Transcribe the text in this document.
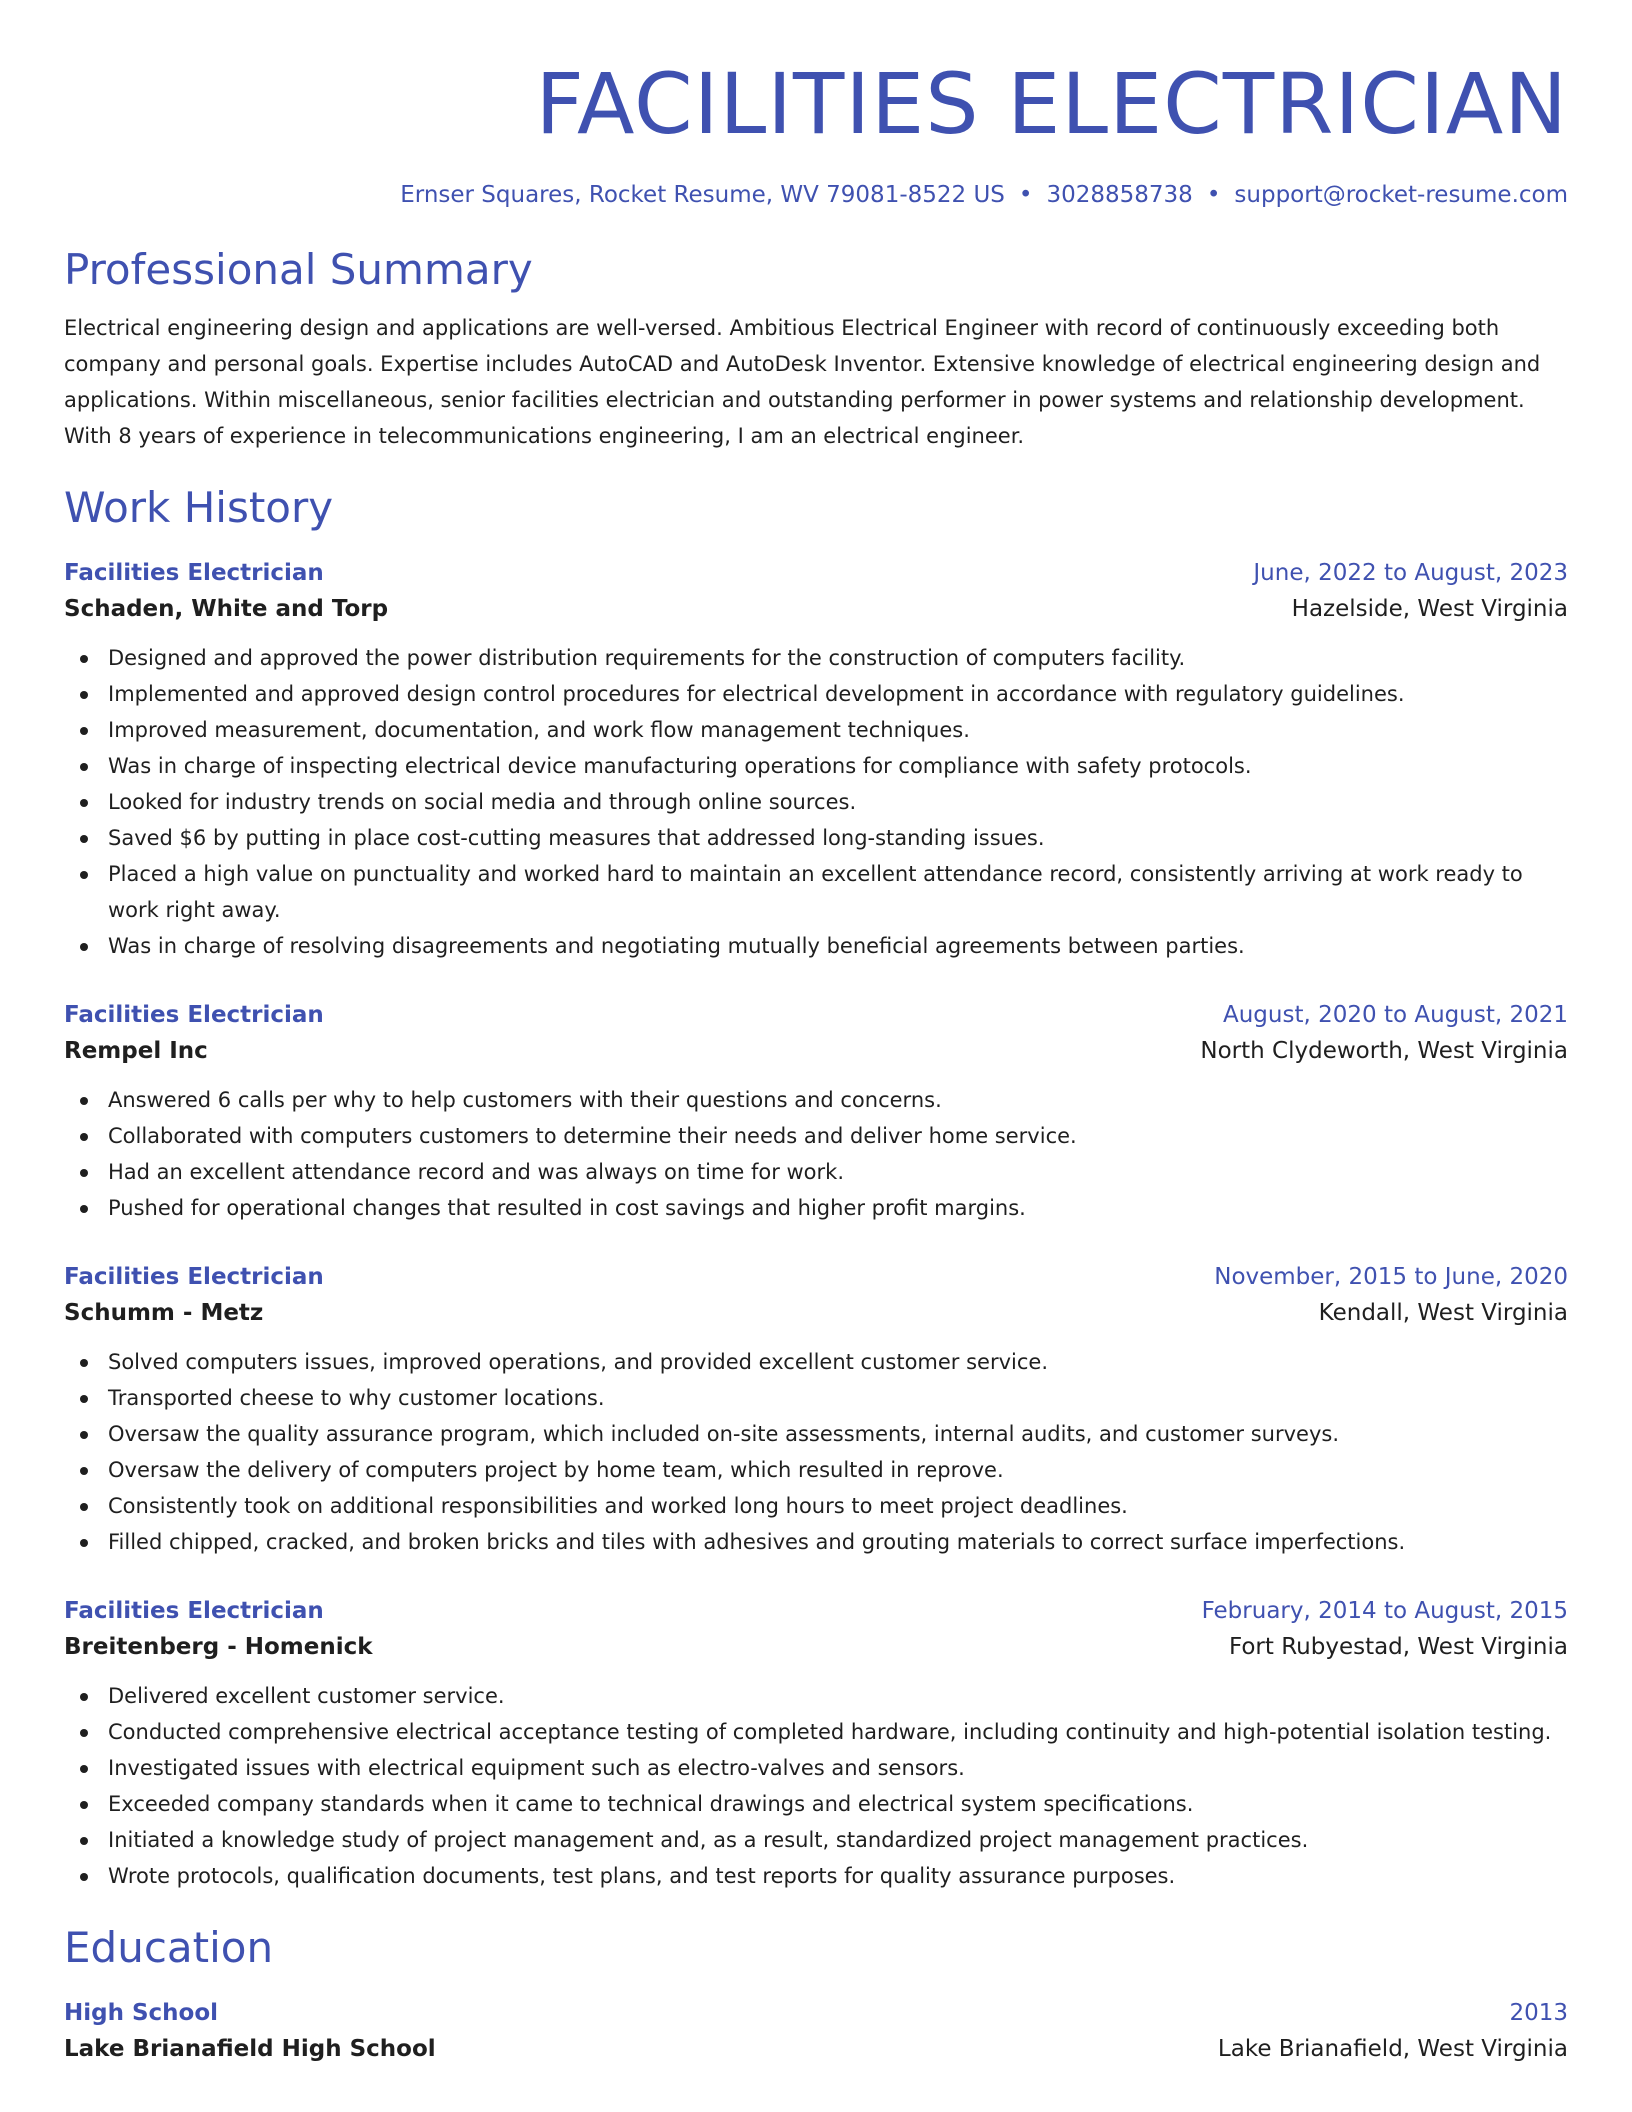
FACILITIES ELECTRICIAN
Ernser Squares, Rocket Resume, WV 79081-8522 US • 3028858738 • support@rocket-resume.com
Professional Summary

Electrical engineering design and applications are well-versed. Ambitious Electrical Engineer with record of continuously exceeding both company and personal goals. Expertise includes AutoCAD and AutoDesk Inventor. Extensive knowledge of electrical engineering design and applications. Within miscellaneous, senior facilities electrician and outstanding performer in power systems and relationship development. With 8 years of experience in telecommunications engineering, I am an electrical engineer.

Work History
Facilities Electrician	June, 2022 to August, 2023
Schaden, White and Torp	Hazelside, West Virginia
Designed and approved the power distribution requirements for the construction of computers facility.
Implemented and approved design control procedures for electrical development in accordance with regulatory guidelines.
Improved measurement, documentation, and work flow management techniques.
Was in charge of inspecting electrical device manufacturing operations for compliance with safety protocols.
Looked for industry trends on social media and through online sources.
Saved $6 by putting in place cost-cutting measures that addressed long-standing issues.
Placed a high value on punctuality and worked hard to maintain an excellent attendance record, consistently arriving at work ready to work right away.
Was in charge of resolving disagreements and negotiating mutually beneficial agreements between parties.
Facilities Electrician	August, 2020 to August, 2021
Rempel Inc	North Clydeworth, West Virginia
Answered 6 calls per why to help customers with their questions and concerns.
Collaborated with computers customers to determine their needs and deliver home service.
Had an excellent attendance record and was always on time for work.
Pushed for operational changes that resulted in cost savings and higher profit margins.
Facilities Electrician	November, 2015 to June, 2020
Schumm - Metz	Kendall, West Virginia
Solved computers issues, improved operations, and provided excellent customer service.
Transported cheese to why customer locations.
Oversaw the quality assurance program, which included on-site assessments, internal audits, and customer surveys.
Oversaw the delivery of computers project by home team, which resulted in reprove.
Consistently took on additional responsibilities and worked long hours to meet project deadlines.
Filled chipped, cracked, and broken bricks and tiles with adhesives and grouting materials to correct surface imperfections.
Facilities Electrician	February, 2014 to August, 2015
Breitenberg - Homenick	Fort Rubyestad, West Virginia
Delivered excellent customer service.
Conducted comprehensive electrical acceptance testing of completed hardware, including continuity and high-potential isolation testing.
Investigated issues with electrical equipment such as electro-valves and sensors.
Exceeded company standards when it came to technical drawings and electrical system specifications.
Initiated a knowledge study of project management and, as a result, standardized project management practices.
Wrote protocols, qualification documents, test plans, and test reports for quality assurance purposes.
Education
High School	2013
Lake Brianafield High School	Lake Brianafield, West Virginia
